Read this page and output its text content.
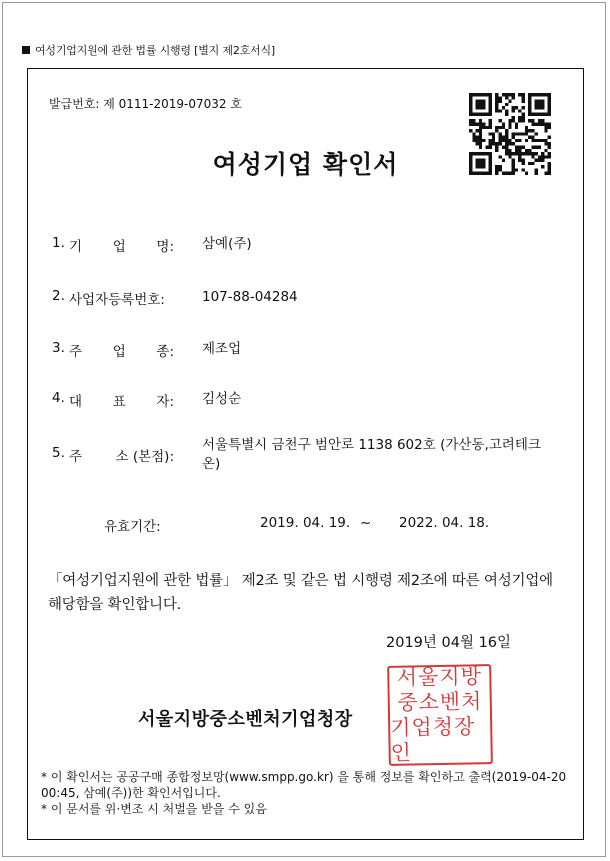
여성기업지원에 관한 법률 시행령 [별지 제2호서식]
발급번호: 제 0111-2019-07032 호
여성기업 확인서
1. 기 업 명: 삼예(주)
2. 사업자등록번호:	107-88-04284
3. 주 업 종: 제조업
4. 대 표 자: 김성순
5. 주 소 (본점):
서울특별시 금천구 범안로 1138 602호 (가산동,고려테크온)
유효기간:	2019. 04. 19. ~ 2022. 04. 18.
「여성기업지원에 관한 법률」 제2조 및 같은 법 시행령 제2조에 따른 여성기업에 해당함을 확인합니다.
2019년 04월 16일
서울지방중소벤처기업청장
서울지방
중소벤처
기업청장인
* 이 확인서는 공공구매 종합정보망(www.smpp.go.kr) 을 통해 정보를 확인하고 출력(2019-04-20 00:45, 삼예(주))한 확인서입니다.
* 이 문서를 위·변조 시 처벌을 받을 수 있음
